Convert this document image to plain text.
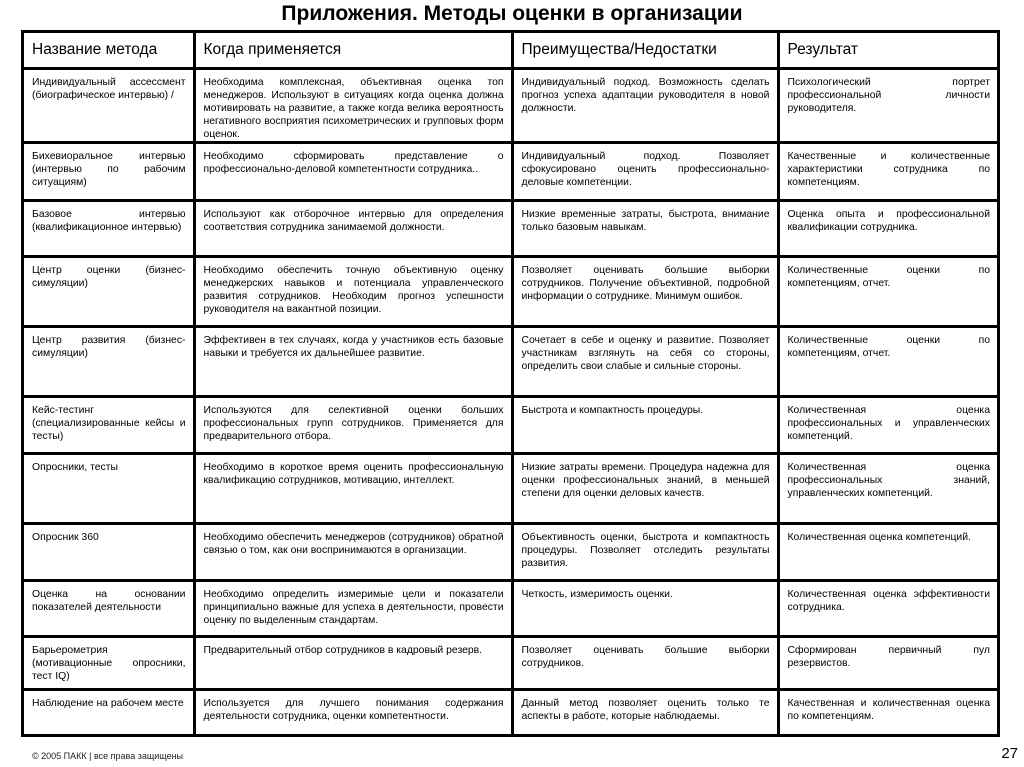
Приложения. Методы оценки в организации
Название метода	Когда применяется	Преимущества/Недостатки	Результат
Индивидуальный ассессмент (биографическое интервью) /	Необходима комплексная, объективная оценка топ менеджеров. Используют в ситуациях когда оценка должна мотивировать на развитие, а также когда велика вероятность негативного восприятия психометрических и групповых форм оценок.	Индивидуальный подход. Возможность сделать прогноз успеха адаптации руководителя в новой должности.	Психологический портрет профессиональной личности руководителя.
Бихевиоральное интервью (интервью по рабочим ситуациям)	Необходимо сформировать представление о профессионально-деловой компетентности сотрудника..	Индивидуальный подход. Позволяет сфокусировано оценить профессионально-деловые компетенции.	Качественные и количественные характеристики сотрудника по компетенциям.
Базовое интервью (квалификационное интервью)	Используют как отборочное интервью для определения соответствия сотрудника занимаемой должности.	Низкие временные затраты, быстрота, внимание только базовым навыкам.	Оценка опыта и профессиональной квалификации сотрудника.
Центр оценки (бизнес-симуляции)	Необходимо обеспечить точную объективную оценку менеджерских навыков и потенциала управленческого развития сотрудников. Необходим прогноз успешности руководителя на вакантной позиции.	Позволяет оценивать большие выборки сотрудников. Получение объективной, подробной информации о сотруднике. Минимум ошибок.	Количественные оценки по компетенциям, отчет.
Центр развития (бизнес-симуляции)	Эффективен в тех случаях, когда у участников есть базовые навыки и требуется их дальнейшее развитие.	Сочетает в себе и оценку и развитие. Позволяет участникам взглянуть на себя со стороны, определить свои слабые и сильные стороны.	Количественные оценки по компетенциям, отчет.
Кейс-тестинг (специализированные кейсы и тесты)	Используются для селективной оценки больших профессиональных групп сотрудников. Применяется для предварительного отбора.	Быстрота и компактность процедуры.	Количественная оценка профессиональных и управленческих компетенций.
Опросники, тесты	Необходимо в короткое время оценить профессиональную квалификацию сотрудников, мотивацию, интеллект.	Низкие затраты времени. Процедура надежна для оценки профессиональных знаний, в меньшей степени для оценки деловых качеств.	Количественная оценка профессиональных знаний, управленческих компетенций.
Опросник 360	Необходимо обеспечить менеджеров (сотрудников) обратной связью о том, как они воспринимаются в организации.	Объективность оценки, быстрота и компактность процедуры. Позволяет отследить результаты развития.	Количественная оценка компетенций.
Оценка на основании показателей деятельности	Необходимо определить измеримые цели и показатели принципиально важные для успеха в деятельности, провести оценку по выделенным стандартам.	Четкость, измеримость оценки.	Количественная оценка эффективности сотрудника.
Барьерометрия (мотивационные опросники, тест IQ)	Предварительный отбор сотрудников в кадровый резерв.	Позволяет оценивать большие выборки сотрудников.	Сформирован первичный пул резервистов.
Наблюдение на рабочем месте	Используется для лучшего понимания содержания деятельности сотрудника, оценки компетентности.	Данный метод позволяет оценить только те аспекты в работе, которые наблюдаемы.	Качественная и количественная оценка по компетенциям.
© 2005 ПАКК | все права защищены	27
